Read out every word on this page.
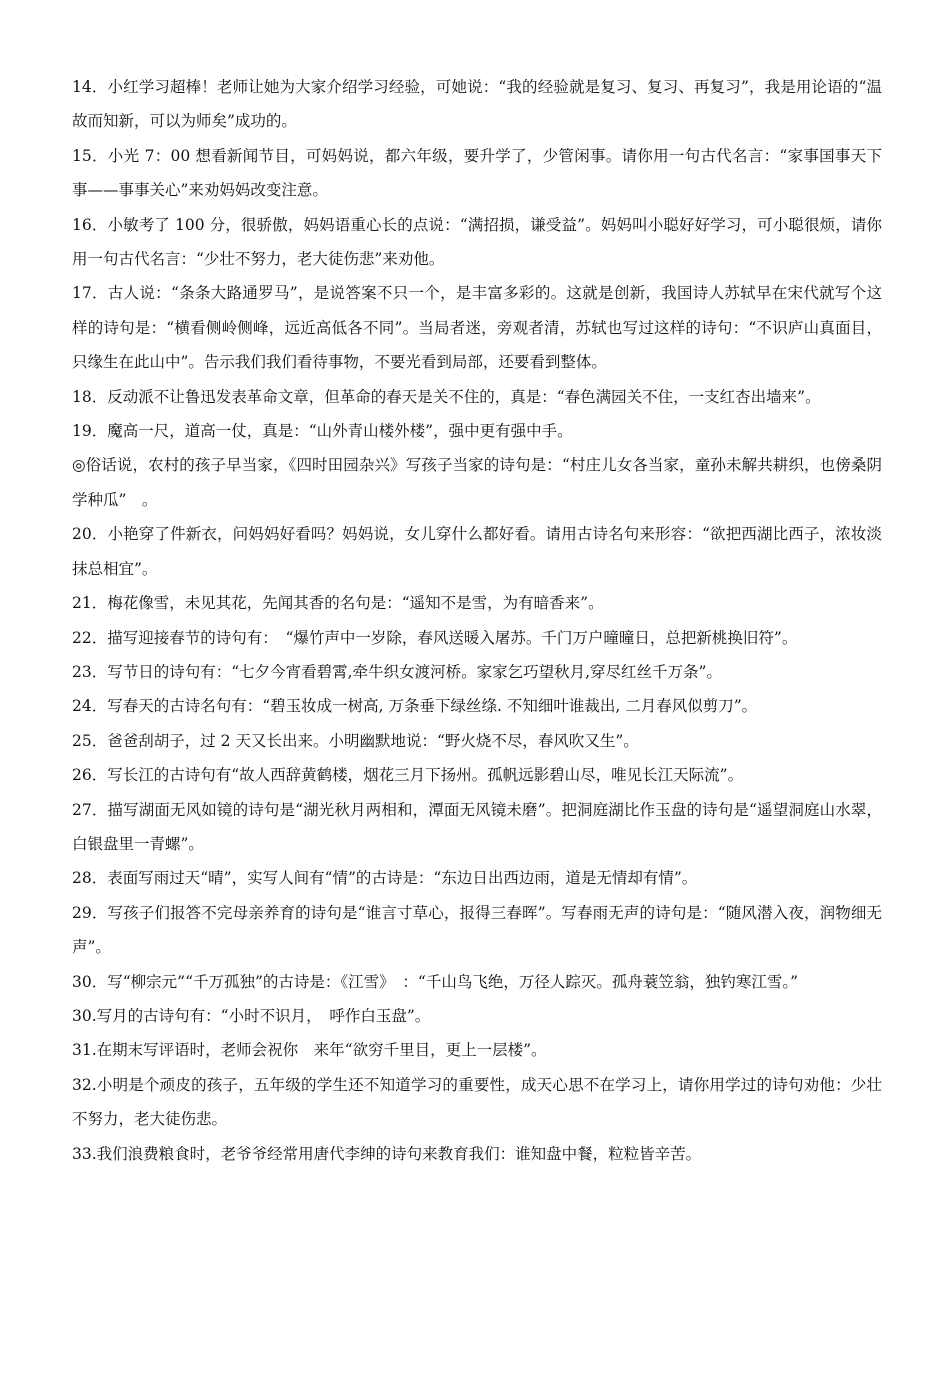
14．小红学习超棒！老师让她为大家介绍学习经验，可她说：“我的经验就是复习、复习、再复习”，我是用论语的“温故而知新，可以为师矣”成功的。

15．小光 7：00 想看新闻节目，可妈妈说，都六年级，要升学了，少管闲事。请你用一句古代名言：“家事国事天下事——事事关心”来劝妈妈改变注意。

16．小敏考了 100 分，很骄傲，妈妈语重心长的点说：“满招损，谦受益”。妈妈叫小聪好好学习，可小聪很烦，请你用一句古代名言：“少壮不努力，老大徒伤悲”来劝他。

17．古人说：“条条大路通罗马”，是说答案不只一个，是丰富多彩的。这就是创新，我国诗人苏轼早在宋代就写个这样的诗句是：“横看侧岭侧峰，远近高低各不同”。当局者迷，旁观者清，苏轼也写过这样的诗句：“不识庐山真面目，只缘生在此山中”。告示我们我们看待事物，不要光看到局部，还要看到整体。

18．反动派不让鲁迅发表革命文章，但革命的春天是关不住的，真是：“春色满园关不住，一支红杏出墙来”。

19．魔高一尺，道高一仗，真是：“山外青山楼外楼”，强中更有强中手。

◎俗话说，农村的孩子早当家，《四时田园杂兴》写孩子当家的诗句是：“村庄儿女各当家，童孙未解共耕织，也傍桑阴学种瓜”　。

20．小艳穿了件新衣，问妈妈好看吗？妈妈说，女儿穿什么都好看。请用古诗名句来形容：“欲把西湖比西子，浓妆淡抹总相宜”。

21．梅花像雪，未见其花，先闻其香的名句是：“遥知不是雪，为有暗香来”。

22．描写迎接春节的诗句有：　“爆竹声中一岁除，春风送暖入屠苏。千门万户曈曈日，总把新桃换旧符”。

23．写节日的诗句有：“七夕今宵看碧霄,牵牛织女渡河桥。家家乞巧望秋月,穿尽红丝千万条”。

24．写春天的古诗名句有：“碧玉妆成一树高, 万条垂下绿丝绦. 不知细叶谁裁出, 二月春风似剪刀”。

25．爸爸刮胡子，过 2 天又长出来。小明幽默地说：“野火烧不尽，春风吹又生”。

26．写长江的古诗句有“故人西辞黄鹤楼，烟花三月下扬州。孤帆远影碧山尽，唯见长江天际流”。

27．描写湖面无风如镜的诗句是“湖光秋月两相和，潭面无风镜未磨”。把洞庭湖比作玉盘的诗句是“遥望洞庭山水翠，白银盘里一青螺”。

28．表面写雨过天“晴”，实写人间有“情”的古诗是：“东边日出西边雨，道是无情却有情”。

29．写孩子们报答不完母亲养育的诗句是“谁言寸草心，报得三春晖”。写春雨无声的诗句是：“随风潜入夜，润物细无声”。

30．写“柳宗元”“千万孤独”的古诗是：《江雪》　：“千山鸟飞绝，万径人踪灭。孤舟蓑笠翁，独钓寒江雪。”

30.写月的古诗句有：“小时不识月，　呼作白玉盘”。

31.在期末写评语时，老师会祝你　来年“欲穷千里目，更上一层楼”。

32.小明是个顽皮的孩子，五年级的学生还不知道学习的重要性，成天心思不在学习上，请你用学过的诗句劝他：少壮不努力，老大徒伤悲。

33.我们浪费粮食时，老爷爷经常用唐代李绅的诗句来教育我们：谁知盘中餐，粒粒皆辛苦。
